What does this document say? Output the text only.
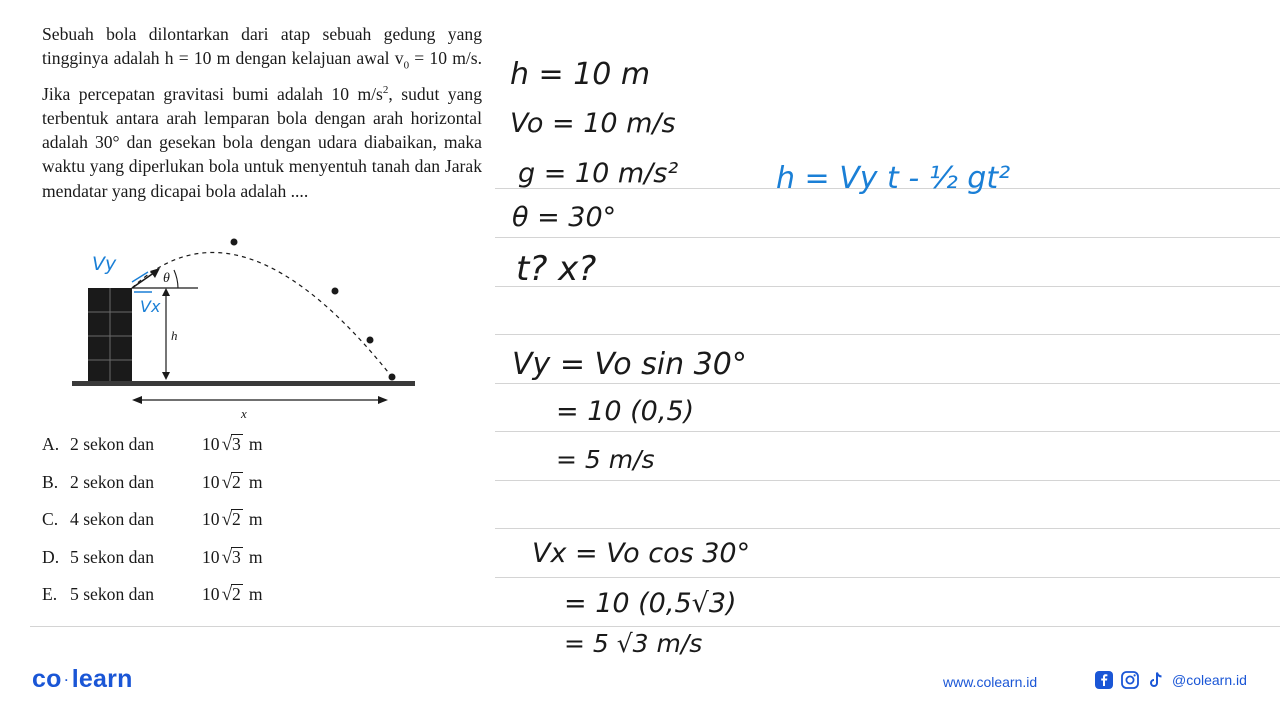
Sebuah bola dilontarkan dari atap sebuah gedung yang tingginya adalah h = 10 m dengan kelajuan awal $v_0 = 10$ m/s. Jika percepatan gravitasi bumi adalah 10 $m/s^2$, sudut yang terbentuk antara arah lemparan bola dengan arah horizontal adalah 30° dan gesekan bola dengan udara diabaikan, maka waktu yang diperlukan bola untuk menyentuh tanah dan Jarak mendatar yang dicapai bola adalah ....

θ
h
x
Vy
Vx
A. 2 sekon dan	10 √ 3 m
B. 2 sekon dan	10 √ 2 m
C. 4 sekon dan	10 √ 2 m
D. 5 sekon dan	10 √ 3 m
E. 5 sekon dan	10 √ 2 m
h = 10 m
Vo = 10 m/s
g = 10 m/s²
θ = 30°
t? x?
Vy = Vo sin 30°
= 10 (0,5)
= 5 m/s
Vx = Vo cos 30°
= 10 (0,5√3)
= 5 √3 m/s
h = Vy t - ½ gt²
co · learn	www.colearn.id	@colearn.id
